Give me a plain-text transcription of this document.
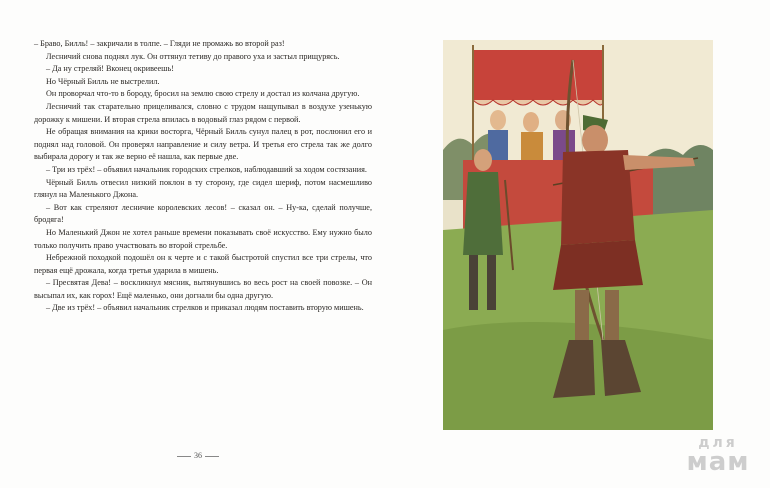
– Браво, Билль! – закричали в толпе. – Гляди не промажь во второй раз!

Лесничий снова поднял лук. Он оттянул тетиву до правого уха и застыл прищурясь.

– Да ну стреляй! Вконец окривеешь!

Но Чёрный Билль не выстрелил.

Он проворчал что-то в бороду, бросил на землю свою стрелу и достал из колчана другую.

Лесничий так старательно прицеливался, словно с трудом нащупывал в воздухе узенькую дорожку к мишени. И вторая стрела впилась в водовый глаз рядом с первой.

Не обращая внимания на крики восторга, Чёрный Билль сунул палец в рот, послюнил его и поднял над головой. Он проверял направление и силу ветра. И третья его стрела так же долго выбирала дорогу и так же верно её нашла, как первые две.

– Три из трёх! – объявил начальник городских стрелков, наблюдавший за ходом состязания.

Чёрный Билль отвесил низкий поклон в ту сторону, где сидел шериф, потом насмешливо глянул на Маленького Джона.

– Вот как стреляют лесничие королевских лесов! – сказал он. – Ну-ка, сделай получше, бродяга!

Но Маленький Джон не хотел раньше времени показывать своё искусство. Ему нужно было только получить право участвовать во второй стрельбе.

Небрежной походкой подошёл он к черте и с такой быстротой спустил все три стрелы, что первая ещё дрожала, когда третья ударила в мишень.

– Пресвятая Дева! – воскликнул мясник, вытянувшись во весь рост на своей повозке. – Он высыпал их, как горох! Ещё маленько, они догнали бы одна другую.

– Две из трёх! – объявил начальник стрелков и приказал людям поставить вторую мишень.

36
для
мам
